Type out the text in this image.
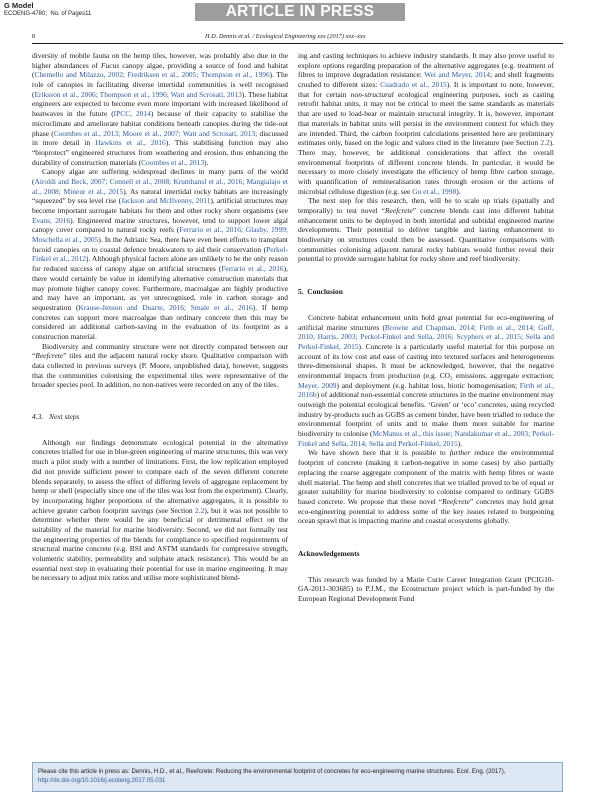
G Model
ECOENG-4780; No. of Pages11	ARTICLE IN PRESS
8	H.D. Dennis et al. / Ecological Engineering xxx (2017) xxx–xxx

diversity of mobile fauna on the hemp tiles, however, was probably also due to the higher abundances of Fucus canopy algae, providing a source of food and habitat (Chemello and Milazzo, 2002; Fredriksen et al., 2005; Thompson et al., 1996). The role of canopies in facilitating diverse intertidal communities is well recognised (Eriksson et al., 2006; Thompson et al., 1996; Watt and Scrosati, 2013). These habitat engineers are expected to become even more important with increased likelihood of heatwaves in the future (IPCC, 2014) because of their capacity to stabilise the microclimate and ameliorate habitat conditions beneath canopies during the tide-out phase (Coombes et al., 2013; Moore et al., 2007; Watt and Scrosati, 2013; discussed in more detail in Hawkins et al., 2016). This stabilising function may also “bioprotect” engineered structures from weathering and erosion, thus enhancing the durability of construction materials (Coombes et al., 2013).

Canopy algae are suffering widespread declines in many parts of the world (Airoldi and Beck, 2007; Connell et al., 2008; Krumhansl et al., 2016; Mangialajo et al., 2008; Mineur et al., 2015). As natural intertidal rocky habitats are increasingly “squeezed” by sea level rise (Jackson and McIlvenny, 2011), artificial structures may become important surrogate habitats for them and other rocky shore organisms (see Evans, 2016). Engineered marine structures, however, tend to support lower algal canopy cover compared to natural rocky reefs (Ferrario et al., 2016; Glasby, 1999; Moschella et al., 2005). In the Adriatic Sea, there have even been efforts to transplant fucoid canopies on to coastal defence breakwaters to aid their conservation (Perkol-Finkel et al., 2012). Although physical factors alone are unlikely to be the only reason for reduced success of canopy algae on artificial structures (Ferrario et al., 2016), there would certainly be value in identifying alternative construction materials that may promote higher canopy cover. Furthermore, macroalgae are highly productive and may have an important, as yet unrecognised, role in carbon storage and sequestration (Krause-Jenson and Duarte, 2016; Smale et al., 2016). If hemp concretes can support more macroalgae than ordinary concrete then this may be considered an additional carbon-saving in the evaluation of its footprint as a construction material.

Biodiversity and community structure were not directly compared between our “Reefcrete” tiles and the adjacent natural rocky shore. Qualitative comparison with data collected in previous surveys (P. Moore, unpublished data), however, suggests that the communities colonising the experimental tiles were representative of the broader species pool. In addition, no non-natives were recorded on any of the tiles.

4.3. Next steps

Although our findings demonstrate ecological potential in the alternative concretes trialled for use in blue-green engineering of marine structures, this was very much a pilot study with a number of limitations. First, the low replication employed did not provide sufficient power to compare each of the seven different concrete blends separately, to assess the effect of differing levels of aggregate replacement by hemp or shell (especially since one of the tiles was lost from the experiment). Clearly, by incorporating higher proportions of the alternative aggregates, it is possible to achieve greater carbon footprint savings (see Section 2.2), but it was not possible to determine whether there would be any beneficial or detrimental effect on the suitability of the material for marine biodiversity. Second, we did not formally test the engineering properties of the blends for compliance to specified requirements of structural marine concrete (e.g. BSI and ASTM standards for compressive strength, volumetric stability, permeability and sulphate attack resistance). This would be an essential next step in evaluating their potential for use in marine engineering. It may be necessary to adjust mix ratios and utilise more sophisticated blend-

ing and casting techniques to achieve industry standards. It may also prove useful to explore options regarding preparation of the alternative aggregates (e.g. treatment of fibres to improve degradation resistance: Wei and Meyer, 2014; and shell fragments crushed to different sizes: Cuadrado et al., 2015). It is important to note, however, that for certain non-structural ecological engineering purposes, such as casting retrofit habitat units, it may not be critical to meet the same standards as materials that are used to load-bear or maintain structural integrity. It is, however, important that materials in habitat units will persist in the environment context for which they are intended. Third, the carbon footprint calculations presented here are preliminary estimates only, based on the logic and values cited in the literature (see Section 2.2). There may, however, be additional considerations that affect the overall environmental footprints of different concrete blends. In particular, it would be necessary to more closely investigate the efficiency of hemp fibre carbon storage, with quantification of remineralisation rates through erosion or the actions of microbial cellulose digestion (e.g. see Gu et al., 1998).

The next step for this research, then, will be to scale up trials (spatially and temporally) to test novel “Reefcrete” concrete blends cast into different habitat enhancement units to be deployed in both intertidal and subtidal engineered marine developments. Their potential to deliver tangible and lasting enhancement to biodiversity on structures could then be assessed. Quantitative comparisons with communities colonising adjacent natural rocky habitats would further reveal their potential to provide surrogate habitat for rocky shore and reef biodiversity.

5. Conclusion

Concrete habitat enhancement units hold great potential for eco-engineering of artificial marine structures (Browne and Chapman, 2014; Firth et al., 2014; Goff, 2010; Harris, 2003; Perkol-Finkel and Sella, 2016; Scyphers et al., 2015; Sella and Perkol-Finkel, 2015). Concrete is a particularly useful material for this purpose on account of its low cost and ease of casting into textured surfaces and heterogeneous three-dimensional shapes. It must be acknowledged, however, that the negative environmental impacts from production (e.g. CO₂ emissions, aggregate extraction; Meyer, 2009) and deployment (e.g. habitat loss, biotic homogenisation; Firth et al., 2016b) of additional non-essential concrete structures in the marine environment may outweigh the potential ecological benefits. ‘Green’ or ‘eco’ concretes, using recycled industry by-products such as GGBS as cement binder, have been trialled to reduce the environmental footprint of units and to make them more suitable for marine biodiversity to colonise (McManus et al., this issue; Nandakumar et al., 2003; Perkol-Finkel and Sella, 2014; Sella and Perkol-Finkel, 2015).

We have shown here that it is possible to further reduce the environmental footprint of concrete (making it carbon-negative in some cases) by also partially replacing the coarse aggregate component of the matrix with hemp fibres or waste shell material. The hemp and shell concretes that we trialled proved to be of equal or greater suitability for marine biodiversity to colonise compared to ordinary GGBS based concrete. We propose that these novel “Reefcrete” concretes may hold great eco-engineering potential to address some of the key issues related to burgeoning ocean sprawl that is impacting marine and coastal ecosystems globally.

Acknowledgements

This research was funded by a Marie Curie Career Integration Grant (PCIG10-GA-2011-303685) to P.J.M., the Ecostructure project which is part-funded by the European Regional Development Fund

Please cite this article in press as: Dennis, H.D., et al., Reefcrete: Reducing the environmental footprint of concretes for eco-engineering marine structures. Ecol. Eng. (2017), http://dx.doi.org/10.1016/j.ecoleng.2017.05.031
